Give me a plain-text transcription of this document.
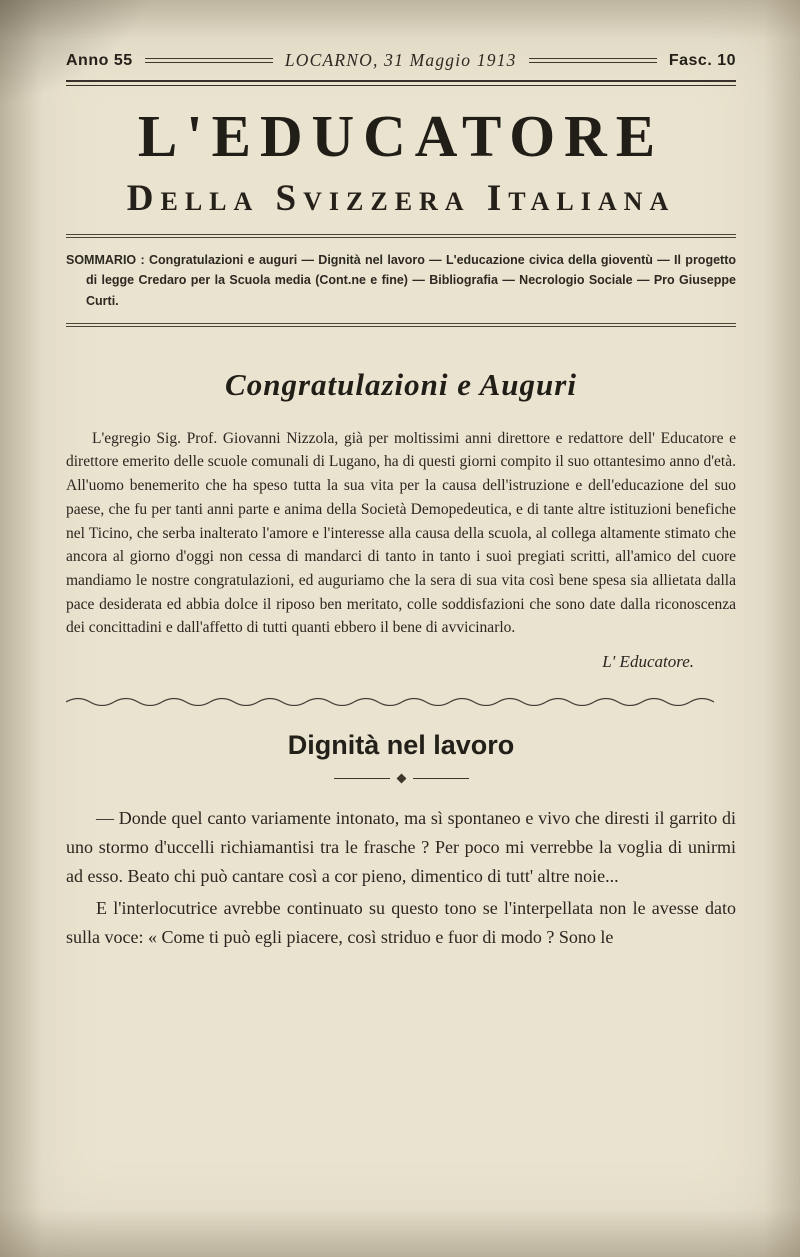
Anno 55	LOCARNO, 31 Maggio 1913	Fasc. 10
L'EDUCATORE
Della Svizzera Italiana

SOMMARIO : Congratulazioni e auguri — Dignità nel lavoro — L'educazione civica della gioventù — Il progetto di legge Credaro per la Scuola media (Cont.ne e fine) — Bibliografia — Necrologio Sociale — Pro Giuseppe Curti.

Congratulazioni e Auguri

L'egregio Sig. Prof. Giovanni Nizzola, già per moltissimi anni direttore e redattore dell' Educatore e direttore emerito delle scuole comunali di Lugano, ha di questi giorni compito il suo ottantesimo anno d'età. All'uomo benemerito che ha speso tutta la sua vita per la causa dell'istruzione e dell'educazione del suo paese, che fu per tanti anni parte e anima della Società Demopedeutica, e di tante altre istituzioni benefiche nel Ticino, che serba inalterato l'amore e l'interesse alla causa della scuola, al collega altamente stimato che ancora al giorno d'oggi non cessa di mandarci di tanto in tanto i suoi pregiati scritti, all'amico del cuore mandiamo le nostre congratulazioni, ed auguriamo che la sera di sua vita così bene spesa sia allietata dalla pace desiderata ed abbia dolce il riposo ben meritato, colle soddisfazioni che sono date dalla riconoscenza dei concittadini e dall'affetto di tutti quanti ebbero il bene di avvicinarlo.

L' Educatore.

Dignità nel lavoro

— Donde quel canto variamente intonato, ma sì spontaneo e vivo che diresti il garrito di uno stormo d'uccelli richiamantisi tra le frasche ? Per poco mi verrebbe la voglia di unirmi ad esso. Beato chi può cantare così a cor pieno, dimentico di tutt' altre noie...

E l'interlocutrice avrebbe continuato su questo tono se l'interpellata non le avesse dato sulla voce: « Come ti può egli piacere, così striduo e fuor di modo ? Sono le
